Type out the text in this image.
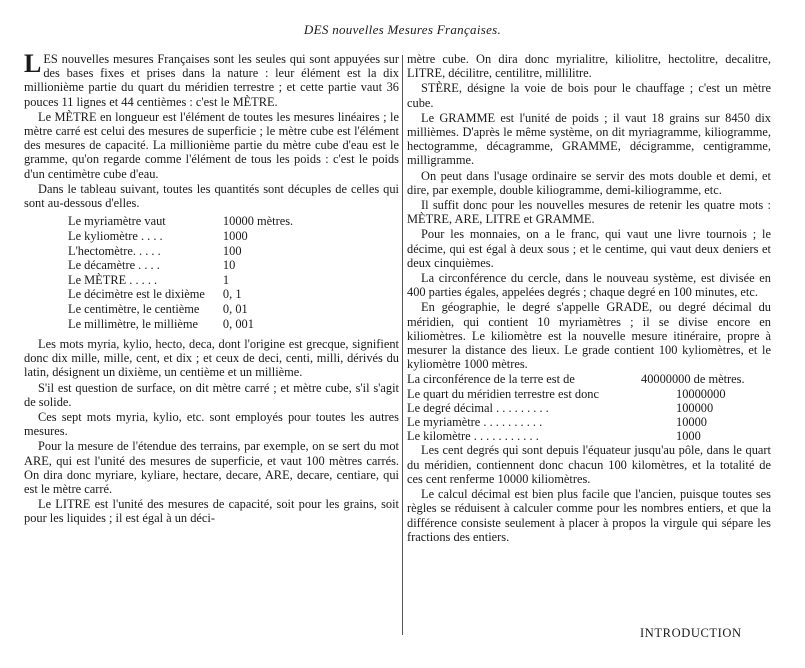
DES nouvelles Mesures Françaises.

LES nouvelles mesures Françaises sont les seules qui sont appuyées sur des bases fixes et prises dans la nature : leur élément est la dix millionième partie du quart du méridien terrestre ; et cette partie vaut 36 pouces 11 lignes et 44 centièmes : c'est le MÈTRE.

Le MÈTRE en longueur est l'élément de toutes les mesures linéaires ; le mètre carré est celui des mesures de superficie ; le mètre cube est l'élément des mesures de capacité. La millionième partie du mètre cube d'eau est le gramme, qu'on regarde comme l'élément de tous les poids : c'est le poids d'un centimètre cube d'eau.

Dans le tableau suivant, toutes les quantités sont décuples de celles qui sont au-dessous d'elles.

Le myriamètre vaut	10000 mètres.
Le kyliomètre . . . .	1000
L'hectomètre. . . . .	100
Le décamètre . . . .	10
Le MÈTRE . . . . .	1
Le décimètre est le dixième	0, 1
Le centimètre, le centième	0, 01
Le millimètre, le millième	0, 001

Les mots myria, kylio, hecto, deca, dont l'origine est grecque, signifient donc dix mille, mille, cent, et dix ; et ceux de deci, centi, milli, dérivés du latin, désignent un dixième, un centième et un millième.

S'il est question de surface, on dit mètre carré ; et mètre cube, s'il s'agit de solide.

Ces sept mots myria, kylio, etc. sont employés pour toutes les autres mesures.

Pour la mesure de l'étendue des terrains, par exemple, on se sert du mot ARE, qui est l'unité des mesures de superficie, et vaut 100 mètres carrés. On dira donc myriare, kyliare, hectare, decare, ARE, decare, centiare, qui est le mètre carré.

Le LITRE est l'unité des mesures de capacité, soit pour les grains, soit pour les liquides ; il est égal à un déci-

mètre cube. On dira donc myrialitre, kiliolitre, hectolitre, decalitre, LITRE, décilitre, centilitre, millilitre.

STÈRE, désigne la voie de bois pour le chauffage ; c'est un mètre cube.

Le GRAMME est l'unité de poids ; il vaut 18 grains sur 8450 dix millièmes. D'après le même système, on dit myriagramme, kiliogramme, hectogramme, décagramme, GRAMME, décigramme, centigramme, milligramme.

On peut dans l'usage ordinaire se servir des mots double et demi, et dire, par exemple, double kiliogramme, demi-kiliogramme, etc.

Il suffit donc pour les nouvelles mesures de retenir les quatre mots : MÈTRE, ARE, LITRE et GRAMME.

Pour les monnaies, on a le franc, qui vaut une livre tournois ; le décime, qui est égal à deux sous ; et le centime, qui vaut deux deniers et deux cinquièmes.

La circonférence du cercle, dans le nouveau système, est divisée en 400 parties égales, appelées degrés ; chaque degré en 100 minutes, etc.

En géographie, le degré s'appelle GRADE, ou degré décimal du méridien, qui contient 10 myriamètres ; il se divise encore en kiliomètres. Le kiliomètre est la nouvelle mesure itinéraire, propre à mesurer la distance des lieux. Le grade contient 100 kyliomètres, et le kyliomètre 1000 mètres.

La circonférence de la terre est de	40000000 de mètres.
Le quart du méridien terrestre est donc	10000000
Le degré décimal . . . . . . . . .	100000
Le myriamètre . . . . . . . . . .	10000
Le kilomètre . . . . . . . . . . .	1000

Les cent degrés qui sont depuis l'équateur jusqu'au pôle, dans le quart du méridien, contiennent donc chacun 100 kilomètres, et la totalité de ces cent renferme 10000 kiliomètres.

Le calcul décimal est bien plus facile que l'ancien, puisque toutes ses règles se réduisent à calculer comme pour les nombres entiers, et que la différence consiste seulement à placer à propos la virgule qui sépare les fractions des entiers.

INTRODUCTION
